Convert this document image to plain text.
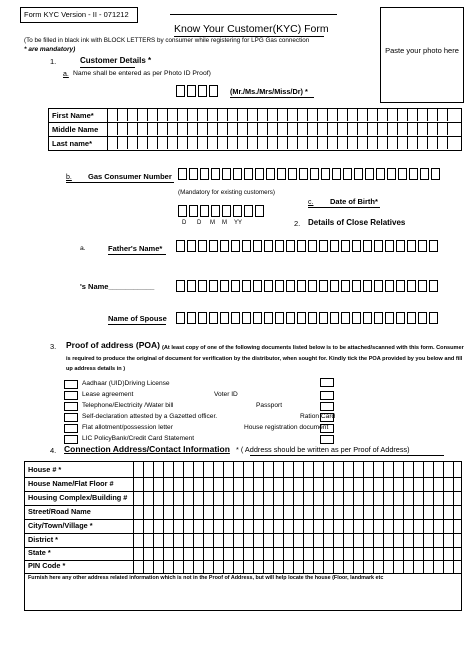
Form KYC Version - II - 071212
Know Your Customer(KYC) Form
(To be filled in black ink with BLOCK LETTERS by consumer while registering for LPG Gas connection
* are mandatory)	Paste your photo here
1.	Customer Details *
a. Name shall be entered as per Photo ID Proof)
(Mr./Ms./Mrs/Miss/Dr) *
First Name*
Middle Name
Last name*
b. Gas Consumer Number
(Mandatory for existing customers)
c. Date of Birth*
D D M M YY	2. Details of Close Relatives
a.	Father's Name*
's Name___________
Name of Spouse
3. Proof of address (POA) (At least copy of one of the following documents listed below is to be attached/scanned with this form. Consumer is required to produce the original of document for verification by the distributor, when sought for. Kindly tick the POA provided by you below and fill up address details in )
Aadhaar (UID)Driving License
Lease agreement
Telephone/Electricity /Water bill
Self-declaration attested by a Gazetted officer.
Flat allotment/possession letter
LIC PolicyBank/Credit Card Statement
Voter ID
Passport
Ration Card
House registration document
4. Connection Address/Contact Information * ( Address should be written as per Proof of Address)
House # *
House Name/Flat Floor #
Housing Complex/Building #
Street/Road Name
City/Town/Village *
District *
State *
PIN Code *
Furnish here any other address related information which is not in the Proof of Address, but will help locate the house (Floor, landmark etc
